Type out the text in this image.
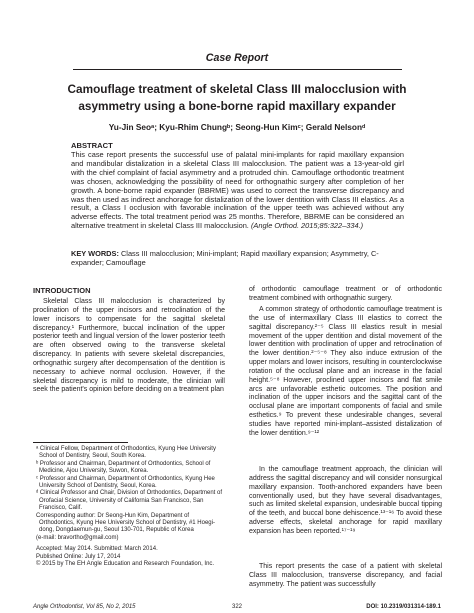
Case Report
Camouflage treatment of skeletal Class III malocclusion with asymmetry using a bone-borne rapid maxillary expander
Yu-Jin Seoᵃ; Kyu-Rhim Chungᵇ; Seong-Hun Kimᶜ; Gerald Nelsonᵈ
ABSTRACT
This case report presents the successful use of palatal mini-implants for rapid maxillary expansion and mandibular distalization in a skeletal Class III malocclusion. The patient was a 13-year-old girl with the chief complaint of facial asymmetry and a protruded chin. Camouflage orthodontic treatment was chosen, acknowledging the possibility of need for orthognathic surgery after completion of her growth. A bone-borne rapid expander (BBRME) was used to correct the transverse discrepancy and was then used as indirect anchorage for distalization of the lower dentition with Class III elastics. As a result, a Class I occlusion with favorable inclination of the upper teeth was achieved without any adverse effects. The total treatment period was 25 months. Therefore, BBRME can be considered an alternative treatment in skeletal Class III malocclusion. (Angle Orthod. 2015;85:322–334.)
KEY WORDS: Class III malocclusion; Mini-implant; Rapid maxillary expansion; Asymmetry, C-expander; Camouflage
INTRODUCTION

Skeletal Class III malocclusion is characterized by proclination of the upper incisors and retroclination of the lower incisors to compensate for the sagittal skeletal discrepancy.¹ Furthermore, buccal inclination of the upper posterior teeth and lingual version of the lower posterior teeth are often observed owing to the transverse skeletal discrepancy. In patients with severe skeletal discrepancies, orthognathic surgery after decompensation of the dentition is necessary to achieve normal occlusion. However, if the skeletal discrepancy is mild to moderate, the clinician will seek the patient's opinion before deciding on a treatment plan

ᵃ Clinical Fellow, Department of Orthodontics, Kyung Hee University School of Dentistry, Seoul, South Korea.

ᵇ Professor and Chairman, Department of Orthodontics, School of Medicine, Ajou University, Suwon, Korea.

ᶜ Professor and Chairman, Department of Orthodontics, Kyung Hee University School of Dentistry, Seoul, Korea.

ᵈ Clinical Professor and Chair, Division of Orthodontics, Department of Orofacial Science, University of California San Francisco, San Francisco, Calif.

Corresponding author: Dr Seong-Hun Kim, Department of Orthodontics, Kyung Hee University School of Dentistry, #1 Hoegi-dong, Dongdaemun-gu, Seoul 130-701, Republic of Korea

(e-mail: bravortho@gmail.com)

Accepted: May 2014. Submitted: March 2014.

Published Online: July 17, 2014

© 2015 by The EH Angle Education and Research Foundation, Inc.

of orthodontic camouflage treatment or of orthodontic treatment combined with orthognathic surgery.

A common strategy of orthodontic camouflage treatment is the use of intermaxillary Class III elastics to correct the sagittal discrepancy.²⁻⁵ Class III elastics result in mesial movement of the upper dentition and distal movement of the lower dentition with proclination of upper and retroclination of the lower dentition.²⁻⁵⁻⁸ They also induce extrusion of the upper molars and lower incisors, resulting in counterclockwise rotation of the occlusal plane and an increase in the facial height.⁵⁻⁸ However, proclined upper incisors and flat smile arcs are unfavorable esthetic outcomes. The position and inclination of the upper incisors and the sagittal cant of the occlusal plane are important components of facial and smile esthetics.⁹ To prevent these undesirable changes, several studies have reported mini-implant–assisted distalization of the lower dentition.⁹⁻¹²

In the camouflage treatment approach, the clinician will address the sagittal discrepancy and will consider nonsurgical maxillary expansion. Tooth-anchored expanders have been conventionally used, but they have several disadvantages, such as limited skeletal expansion, undesirable buccal tipping of the teeth, and buccal bone dehiscence.¹³⁻¹⁶ To avoid these adverse effects, skeletal anchorage for rapid maxillary expansion has been reported.¹⁷⁻¹⁹

This report presents the case of a patient with skeletal Class III malocclusion, transverse discrepancy, and facial asymmetry. The patient was successfully

Angle Orthodontist, Vol 85, No 2, 2015	322	DOI: 10.2319/031314-189.1
